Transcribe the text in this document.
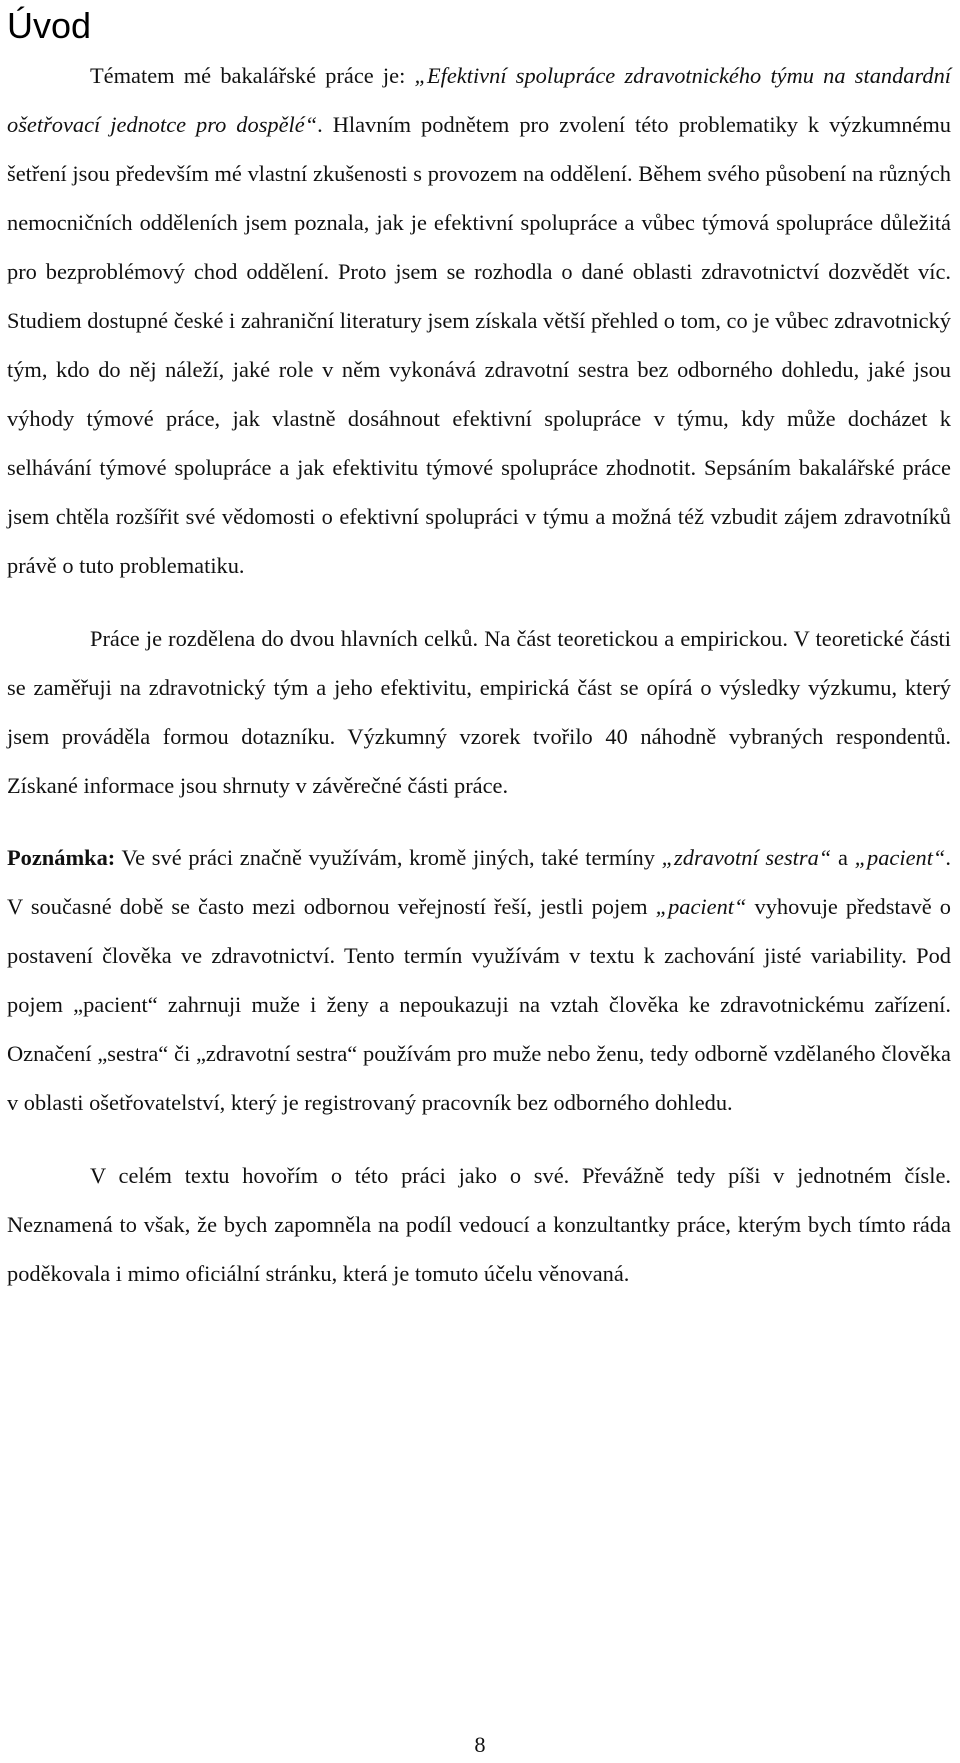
Úvod

Tématem mé bakalářské práce je: „Efektivní spolupráce zdravotnického týmu na standardní ošetřovací jednotce pro dospělé“. Hlavním podnětem pro zvolení této problematiky k výzkumnému šetření jsou především mé vlastní zkušenosti s provozem na oddělení. Během svého působení na různých nemocničních odděleních jsem poznala, jak je efektivní spolupráce a vůbec týmová spolupráce důležitá pro bezproblémový chod oddělení. Proto jsem se rozhodla o dané oblasti zdravotnictví dozvědět víc. Studiem dostupné české i zahraniční literatury jsem získala větší přehled o tom, co je vůbec zdravotnický tým, kdo do něj náleží, jaké role v něm vykonává zdravotní sestra bez odborného dohledu, jaké jsou výhody týmové práce, jak vlastně dosáhnout efektivní spolupráce v týmu, kdy může docházet k selhávání týmové spolupráce a jak efektivitu týmové spolupráce zhodnotit. Sepsáním bakalářské práce jsem chtěla rozšířit své vědomosti o efektivní spolupráci v týmu a možná též vzbudit zájem zdravotníků právě o tuto problematiku.

Práce je rozdělena do dvou hlavních celků. Na část teoretickou a empirickou. V teoretické části se zaměřuji na zdravotnický tým a jeho efektivitu, empirická část se opírá o výsledky výzkumu, který jsem prováděla formou dotazníku. Výzkumný vzorek tvořilo 40 náhodně vybraných respondentů. Získané informace jsou shrnuty v závěrečné části práce.

Poznámka: Ve své práci značně využívám, kromě jiných, také termíny „zdravotní sestra“ a „pacient“. V současné době se často mezi odbornou veřejností řeší, jestli pojem „pacient“ vyhovuje představě o postavení člověka ve zdravotnictví. Tento termín využívám v textu k zachování jisté variability. Pod pojem „pacient“ zahrnuji muže i ženy a nepoukazuji na vztah člověka ke zdravotnickému zařízení. Označení „sestra“ či „zdravotní sestra“ používám pro muže nebo ženu, tedy odborně vzdělaného člověka v oblasti ošetřovatelství, který je registrovaný pracovník bez odborného dohledu.

V celém textu hovořím o této práci jako o své. Převážně tedy píši v jednotném čísle. Neznamená to však, že bych zapomněla na podíl vedoucí a konzultantky práce, kterým bych tímto ráda poděkovala i mimo oficiální stránku, která je tomuto účelu věnovaná.

8
